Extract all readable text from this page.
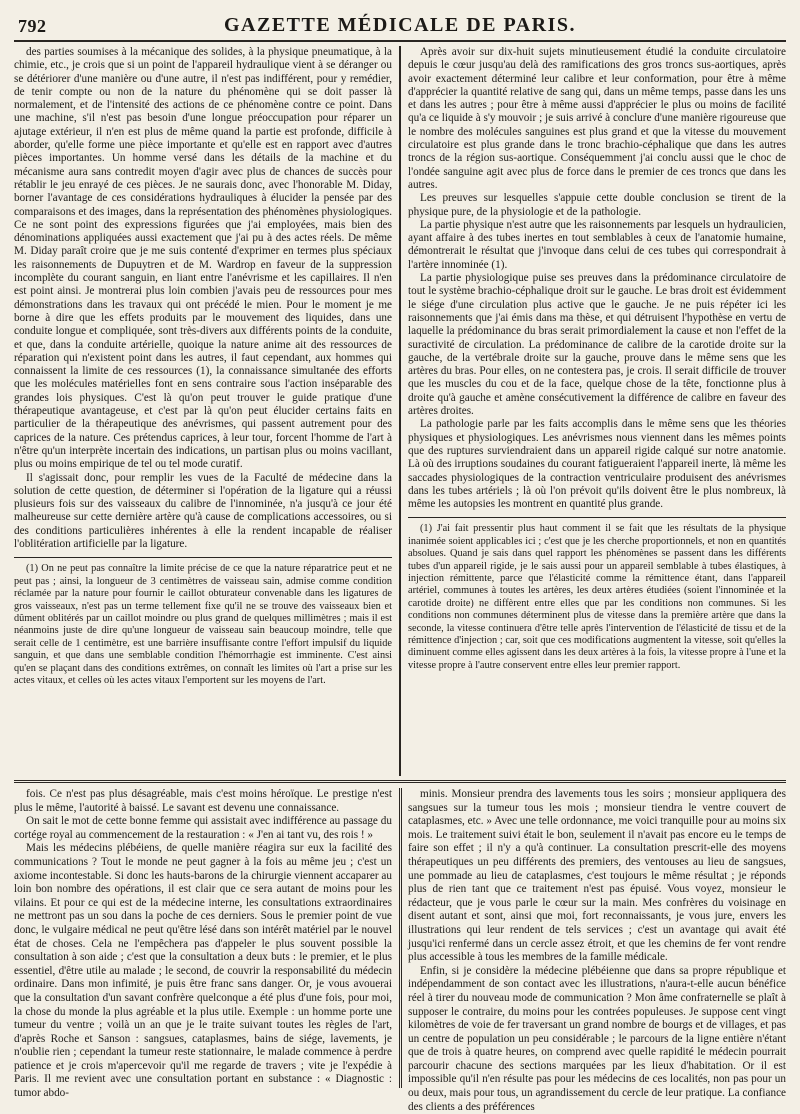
792	GAZETTE MÉDICALE DE PARIS.

des parties soumises à la mécanique des solides, à la physique pneumatique, à la chimie, etc., je crois que si un point de l'appareil hydraulique vient à se déranger ou se détériorer d'une manière ou d'une autre, il n'est pas indifférent, pour y remédier, de tenir compte ou non de la nature du phénomène qui se doit passer là normalement, et de l'intensité des actions de ce phénomène contre ce point. Dans une machine, s'il n'est pas besoin d'une longue préoccupation pour réparer un ajutage extérieur, il n'en est plus de même quand la partie est profonde, difficile à aborder, qu'elle forme une pièce importante et qu'elle est en rapport avec d'autres pièces importantes. Un homme versé dans les détails de la machine et du mécanisme aura sans contredit moyen d'agir avec plus de chances de succès pour rétablir le jeu enrayé de ces pièces. Je ne saurais donc, avec l'honorable M. Diday, borner l'avantage de ces considérations hydrauliques à élucider la pensée par des comparaisons et des images, dans la représentation des phénomènes physiologiques. Ce ne sont point des expressions figurées que j'ai employées, mais bien des dénominations appliquées aussi exactement que j'ai pu à des actes réels. De même M. Diday paraît croire que je me suis contenté d'exprimer en termes plus spéciaux les raisonnements de Dupuytren et de M. Wardrop en faveur de la suppression incomplète du courant sanguin, en liant entre l'anévrisme et les capillaires. Il n'en est point ainsi. Je montrerai plus loin combien j'avais peu de ressources pour mes démonstrations dans les travaux qui ont précédé le mien. Pour le moment je me borne à dire que les effets produits par le mouvement des liquides, dans une conduite longue et compliquée, sont très-divers aux différents points de la conduite, et que, dans la conduite artérielle, quoique la nature anime ait des ressources de réparation qui n'existent point dans les autres, il faut cependant, aux hommes qui connaissent la limite de ces ressources (1), la connaissance simultanée des efforts que les molécules matérielles font en sens contraire sous l'action inséparable des grandes lois physiques. C'est là qu'on peut trouver le guide pratique d'une thérapeutique avantageuse, et c'est par là qu'on peut élucider certains faits en particulier de la thérapeutique des anévrismes, qui passent autrement pour des caprices de la nature. Ces prétendus caprices, à leur tour, forcent l'homme de l'art à n'être qu'un interprète incertain des indications, un partisan plus ou moins vacillant, plus ou moins empirique de tel ou tel mode curatif.

Il s'agissait donc, pour remplir les vues de la Faculté de médecine dans la solution de cette question, de déterminer si l'opération de la ligature qui a réussi plusieurs fois sur des vaisseaux du calibre de l'innominée, n'a jusqu'à ce jour été malheureuse sur cette dernière artère qu'à cause de complications accessoires, ou si des conditions particulières inhérentes à elle la rendent incapable de réaliser l'oblitération artificielle par la ligature.

(1) On ne peut pas connaître la limite précise de ce que la nature réparatrice peut et ne peut pas ; ainsi, la longueur de 3 centimètres de vaisseau sain, admise comme condition réclamée par la nature pour fournir le caillot obturateur convenable dans les ligatures de gros vaisseaux, n'est pas un terme tellement fixe qu'il ne se trouve des vaisseaux bien et dûment oblitérés par un caillot moindre ou plus grand de quelques millimètres ; mais il est néanmoins juste de dire qu'une longueur de vaisseau sain beaucoup moindre, telle que serait celle de 1 centimètre, est une barrière insuffisante contre l'effort impulsif du liquide sanguin, et que dans une semblable condition l'hémorrhagie est imminente. C'est ainsi qu'en se plaçant dans des conditions extrêmes, on connaît les limites où l'art a prise sur les actes vitaux, et celles où les actes vitaux l'emportent sur les moyens de l'art.

Après avoir sur dix-huit sujets minutieusement étudié la conduite circulatoire depuis le cœur jusqu'au delà des ramifications des gros troncs sus-aortiques, après avoir exactement déterminé leur calibre et leur conformation, pour être à même d'apprécier la quantité relative de sang qui, dans un même temps, passe dans les uns et dans les autres ; pour être à même aussi d'apprécier le plus ou moins de facilité qu'a ce liquide à s'y mouvoir ; je suis arrivé à conclure d'une manière rigoureuse que le nombre des molécules sanguines est plus grand et que la vitesse du mouvement circulatoire est plus grande dans le tronc brachio-céphalique que dans les autres troncs de la région sus-aortique. Conséquemment j'ai conclu aussi que le choc de l'ondée sanguine agit avec plus de force dans le premier de ces troncs que dans les autres.

Les preuves sur lesquelles s'appuie cette double conclusion se tirent de la physique pure, de la physiologie et de la pathologie.

La partie physique n'est autre que les raisonnements par lesquels un hydraulicien, ayant affaire à des tubes inertes en tout semblables à ceux de l'anatomie humaine, démontrerait le résultat que j'invoque dans celui de ces tubes qui correspondrait à l'artère innominée (1).

La partie physiologique puise ses preuves dans la prédominance circulatoire de tout le système brachio-céphalique droit sur le gauche. Le bras droit est évidemment le siége d'une circulation plus active que le gauche. Je ne puis répéter ici les raisonnements que j'ai émis dans ma thèse, et qui détruisent l'hypothèse en vertu de laquelle la prédominance du bras serait primordialement la cause et non l'effet de la suractivité de circulation. La prédominance de calibre de la carotide droite sur la gauche, de la vertébrale droite sur la gauche, prouve dans le même sens que les artères du bras. Pour elles, on ne contestera pas, je crois. Il serait difficile de trouver que les muscles du cou et de la face, quelque chose de la tête, fonctionne plus à droite qu'à gauche et amène consécutivement la différence de calibre en faveur des artères droites.

La pathologie parle par les faits accomplis dans le même sens que les théories physiques et physiologiques. Les anévrismes nous viennent dans les mêmes points que des ruptures surviendraient dans un appareil rigide calqué sur notre anatomie. Là où des irruptions soudaines du courant fatigueraient l'appareil inerte, là même les saccades physiologiques de la contraction ventriculaire produisent des anévrismes dans les tubes artériels ; là où l'on prévoit qu'ils doivent être le plus nombreux, là même les autopsies les montrent en quantité plus grande.

(1) J'ai fait pressentir plus haut comment il se fait que les résultats de la physique inanimée soient applicables ici ; c'est que je les cherche proportionnels, et non en quantités absolues. Quand je sais dans quel rapport les phénomènes se passent dans les différents tubes d'un appareil rigide, je le sais aussi pour un appareil semblable à tubes élastiques, à injection rémittente, parce que l'élasticité comme la rémittence étant, dans l'appareil artériel, communes à toutes les artères, les deux artères étudiées (soient l'innominée et la carotide droite) ne diffèrent entre elles que par les conditions non communes. Si les conditions non communes déterminent plus de vitesse dans la première artère que dans la seconde, la vitesse continuera d'être telle après l'intervention de l'élasticité de tissu et de la rémittence d'injection ; car, soit que ces modifications augmentent la vitesse, soit qu'elles la diminuent comme elles agissent dans les deux artères à la fois, la vitesse propre à l'une et la vitesse propre à l'autre conservent entre elles leur premier rapport.

fois. Ce n'est pas plus désagréable, mais c'est moins héroïque. Le prestige n'est plus le même, l'autorité à baissé. Le savant est devenu une connaissance.

On sait le mot de cette bonne femme qui assistait avec indifférence au passage du cortége royal au commencement de la restauration : « J'en ai tant vu, des rois ! »

Mais les médecins plébéiens, de quelle manière réagira sur eux la facilité des communications ? Tout le monde ne peut gagner à la fois au même jeu ; c'est un axiome incontestable. Si donc les hauts-barons de la chirurgie viennent accaparer au loin bon nombre des opérations, il est clair que ce sera autant de moins pour les vilains. Et pour ce qui est de la médecine interne, les consultations extraordinaires ne mettront pas un sou dans la poche de ces derniers. Sous le premier point de vue donc, le vulgaire médical ne peut qu'être lésé dans son intérêt matériel par le nouvel état de choses. Cela ne l'empêchera pas d'appeler le plus souvent possible la consultation à son aide ; c'est que la consultation a deux buts : le premier, et le plus essentiel, d'être utile au malade ; le second, de couvrir la responsabilité du médecin ordinaire. Dans mon infimité, je puis être franc sans danger. Or, je vous avouerai que la consultation d'un savant confrère quelconque a été plus d'une fois, pour moi, la chose du monde la plus agréable et la plus utile. Exemple : un homme porte une tumeur du ventre ; voilà un an que je le traite suivant toutes les règles de l'art, d'après Roche et Sanson : sangsues, cataplasmes, bains de siége, lavements, je n'oublie rien ; cependant la tumeur reste stationnaire, le malade commence à perdre patience et je crois m'apercevoir qu'il me regarde de travers ; vite je l'expédie à Paris. Il me revient avec une consultation portant en substance : « Diagnostic : tumor abdo-

minis. Monsieur prendra des lavements tous les soirs ; monsieur appliquera des sangsues sur la tumeur tous les mois ; monsieur tiendra le ventre couvert de cataplasmes, etc. » Avec une telle ordonnance, me voici tranquille pour au moins six mois. Le traitement suivi était le bon, seulement il n'avait pas encore eu le temps de faire son effet ; il n'y a qu'à continuer. La consultation prescrit-elle des moyens thérapeutiques un peu différents des premiers, des ventouses au lieu de sangsues, une pommade au lieu de cataplasmes, c'est toujours le même résultat ; je réponds plus de rien tant que ce traitement n'est pas épuisé. Vous voyez, monsieur le rédacteur, que je vous parle le cœur sur la main. Mes confrères du voisinage en disent autant et sont, ainsi que moi, fort reconnaissants, je vous jure, envers les illustrations qui leur rendent de tels services ; c'est un avantage qui avait été jusqu'ici renfermé dans un cercle assez étroit, et que les chemins de fer vont rendre plus accessible à tous les membres de la famille médicale.

Enfin, si je considère la médecine plébéienne que dans sa propre république et indépendamment de son contact avec les illustrations, n'aura-t-elle aucun bénéfice réel à tirer du nouveau mode de communication ? Mon âme confraternelle se plaît à supposer le contraire, du moins pour les contrées populeuses. Je suppose cent vingt kilomètres de voie de fer traversant un grand nombre de bourgs et de villages, et pas un centre de population un peu considérable ; le parcours de la ligne entière n'étant que de trois à quatre heures, on comprend avec quelle rapidité le médecin pourrait parcourir chacune des sections marquées par les lieux d'habitation. Or il est impossible qu'il n'en résulte pas pour les médecins de ces localités, non pas pour un ou deux, mais pour tous, un agrandissement du cercle de leur pratique. La confiance des clients a des préférences
